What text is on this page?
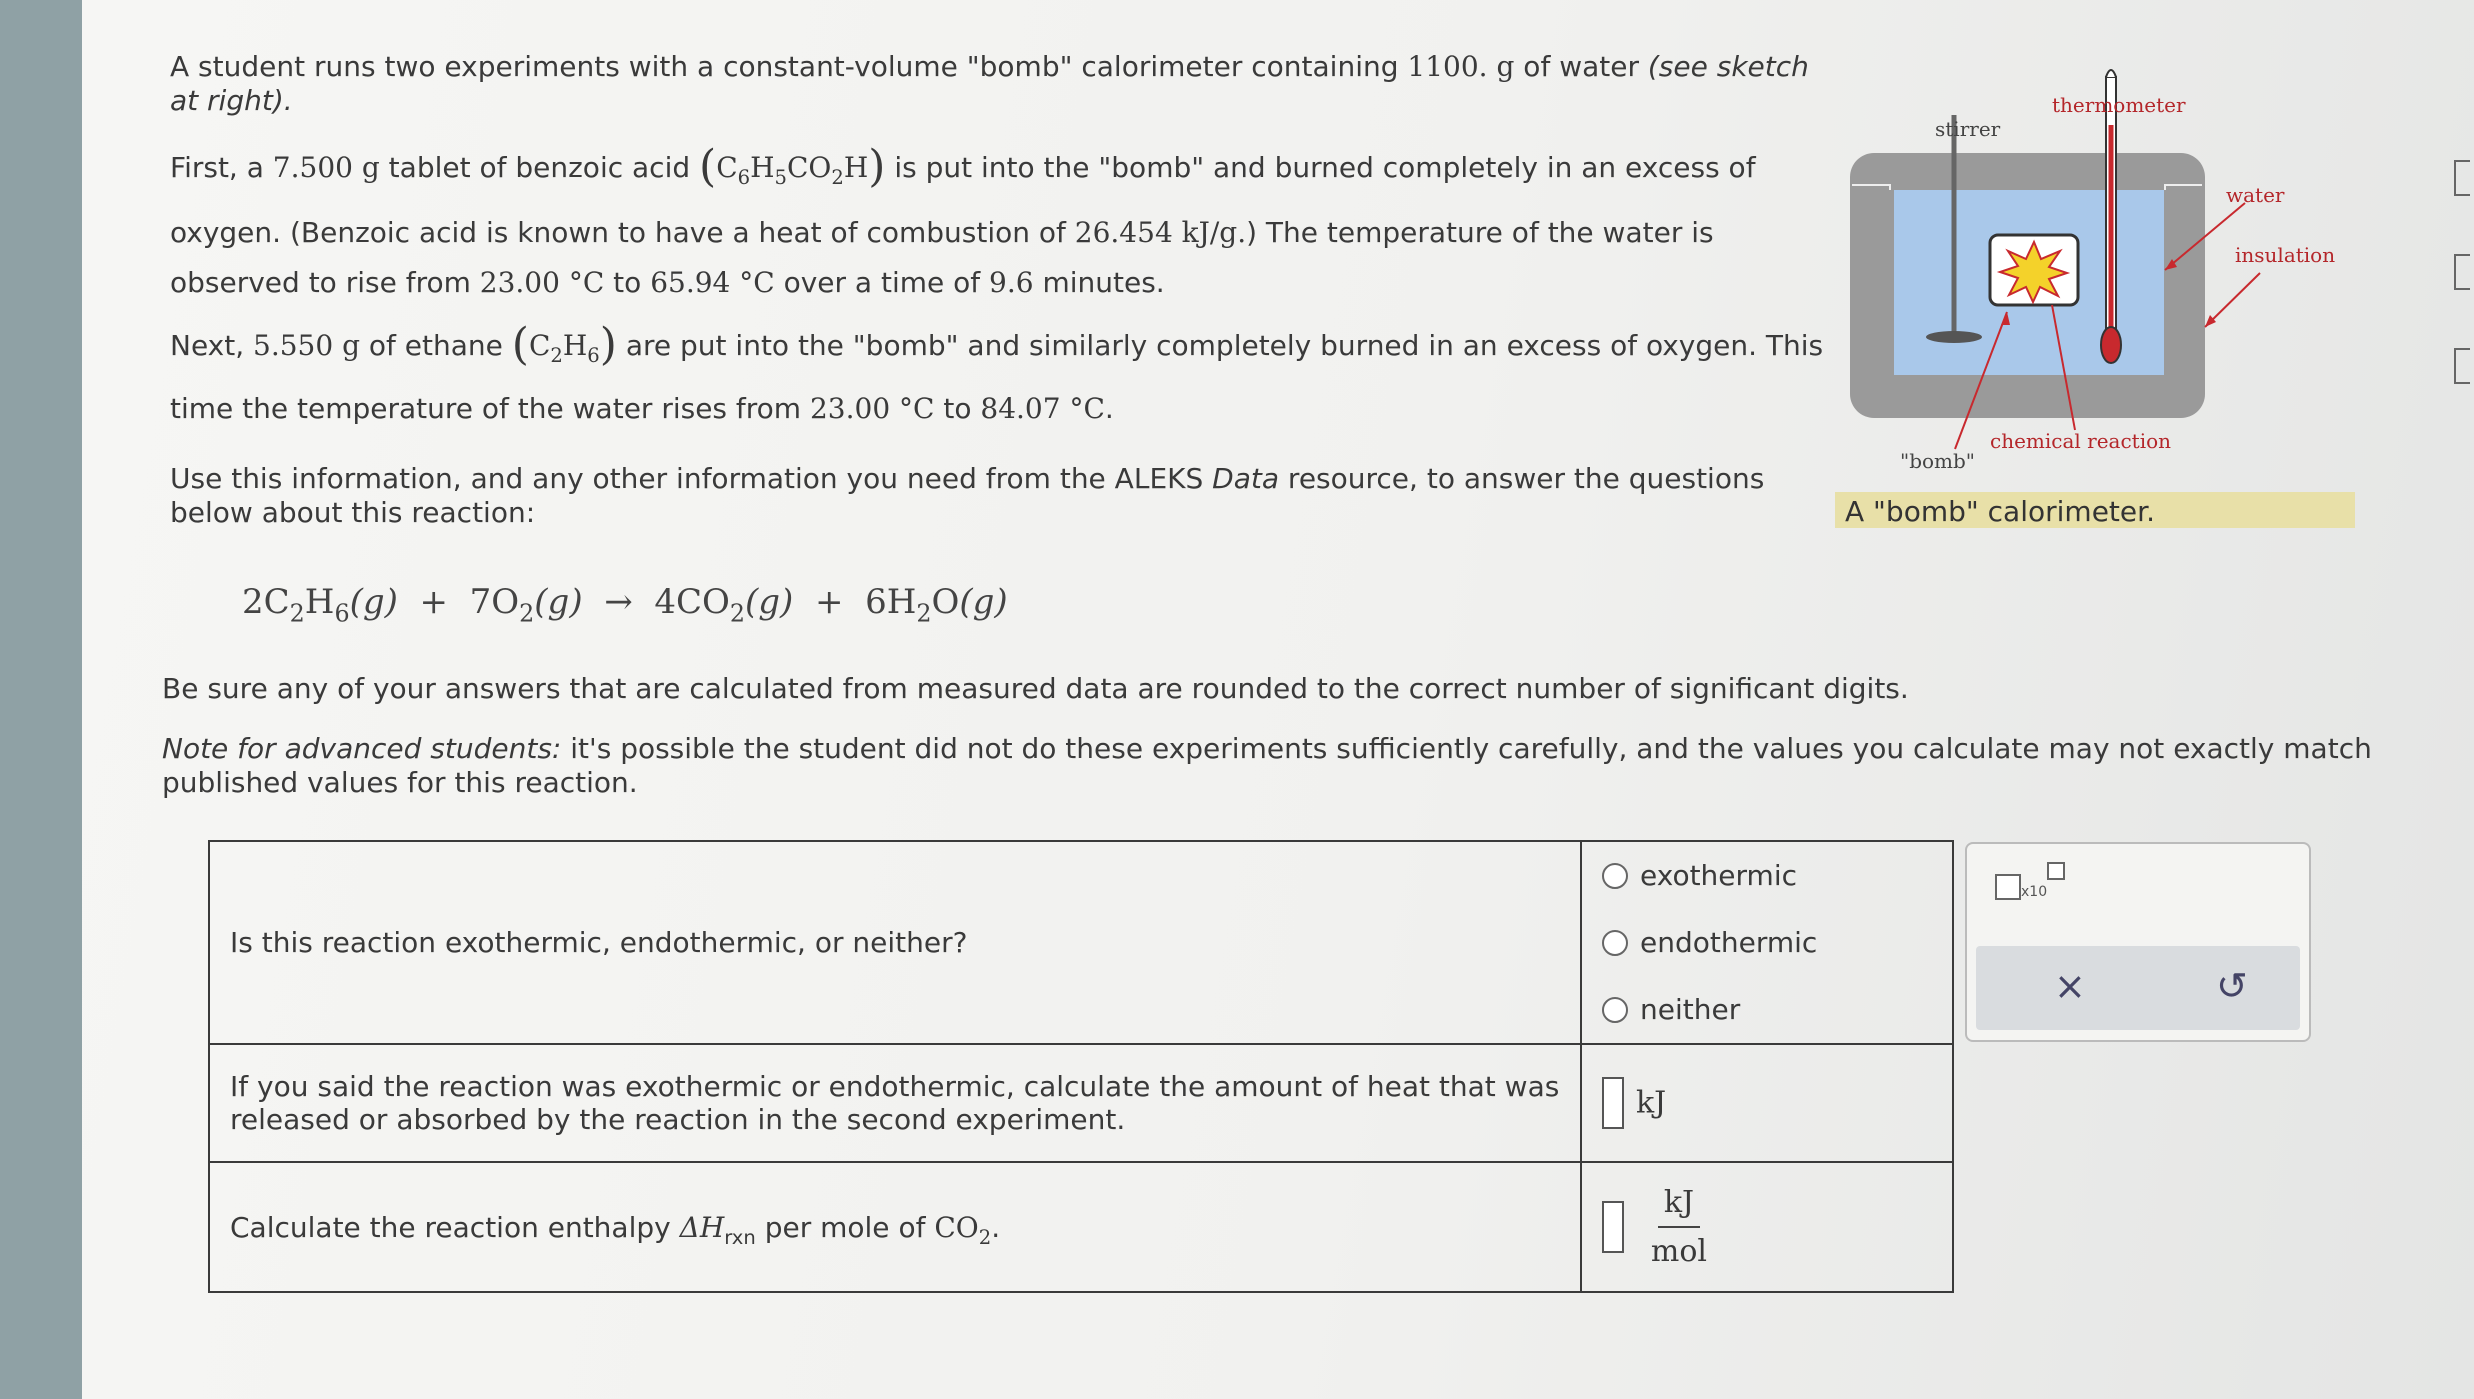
A student runs two experiments with a constant-volume "bomb" calorimeter containing 1100. g of water (see sketch at right).
First, a 7.500 g tablet of benzoic acid $(C_6H_5CO_2H)$ is put into the "bomb" and burned completely in an excess of
oxygen. (Benzoic acid is known to have a heat of combustion of 26.454 kJ/g.) The temperature of the water is
observed to rise from 23.00 °C to 65.94 °C over a time of 9.6 minutes.
Next, 5.550 g of ethane $(C_2H_6)$ are put into the "bomb" and similarly completely burned in an excess of oxygen. This
time the temperature of the water rises from 23.00 °C to 84.07 °C.
Use this information, and any other information you need from the ALEKS Data resource, to answer the questions
below about this reaction:
stirrer
thermometer
water
insulation
chemical reaction
"bomb"
A "bomb" calorimeter.
$2C_2H_6(g) + 7O_2(g) \to 4CO_2(g) + 6H_2O(g)$
Be sure any of your answers that are calculated from measured data are rounded to the correct number of significant digits.
Note for advanced students: it's possible the student did not do these experiments sufficiently carefully, and the values you calculate may not exactly match
published values for this reaction.
Is this reaction exothermic, endothermic, or neither?	exothermic
endothermic
neither

If you said the reaction was exothermic or endothermic, calculate the amount of heat that was
released or absorbed by the reaction in the second experiment.	kJ
Calculate the reaction enthalpy $\Delta H_{rxn}$ per mole of $CO_2$.	$\frac{kJ}{\text{mol}}$
x10
×	↺
